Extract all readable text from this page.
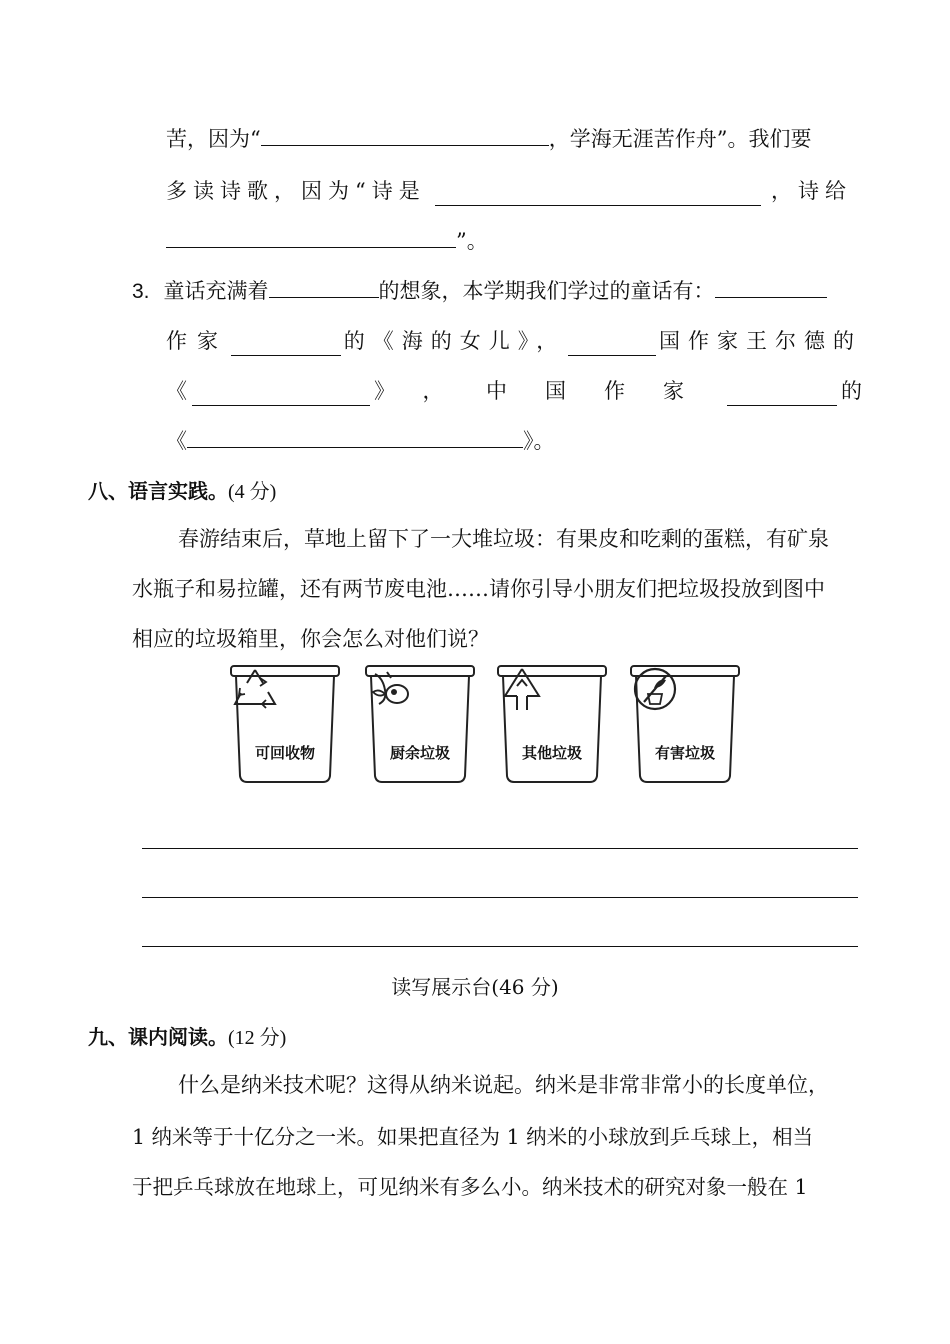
苦，因为“	，学海无涯苦作舟”。我们要
多读诗歌，因为“诗是	，诗给
”。
3. 童话充满着	的想象，本学期我们学过的童话有：
作家	的《海的女儿》，	国作家王尔德的
《	》， 中国作家	的
《	》。
八、语言实践。(4 分)
春游结束后，草地上留下了一大堆垃圾：有果皮和吃剩的蛋糕，有矿泉
水瓶子和易拉罐，还有两节废电池……请你引导小朋友们把垃圾投放到图中
相应的垃圾箱里，你会怎么对他们说？
可回收物	厨余垃圾	其他垃圾	有害垃圾
读写展示台(46 分)
九、课内阅读。(12 分)
什么是纳米技术呢？这得从纳米说起。纳米是非常非常小的长度单位，
1 纳米等于十亿分之一米。如果把直径为 1 纳米的小球放到乒乓球上，相当
于把乒乓球放在地球上，可见纳米有多么小。纳米技术的研究对象一般在 1
